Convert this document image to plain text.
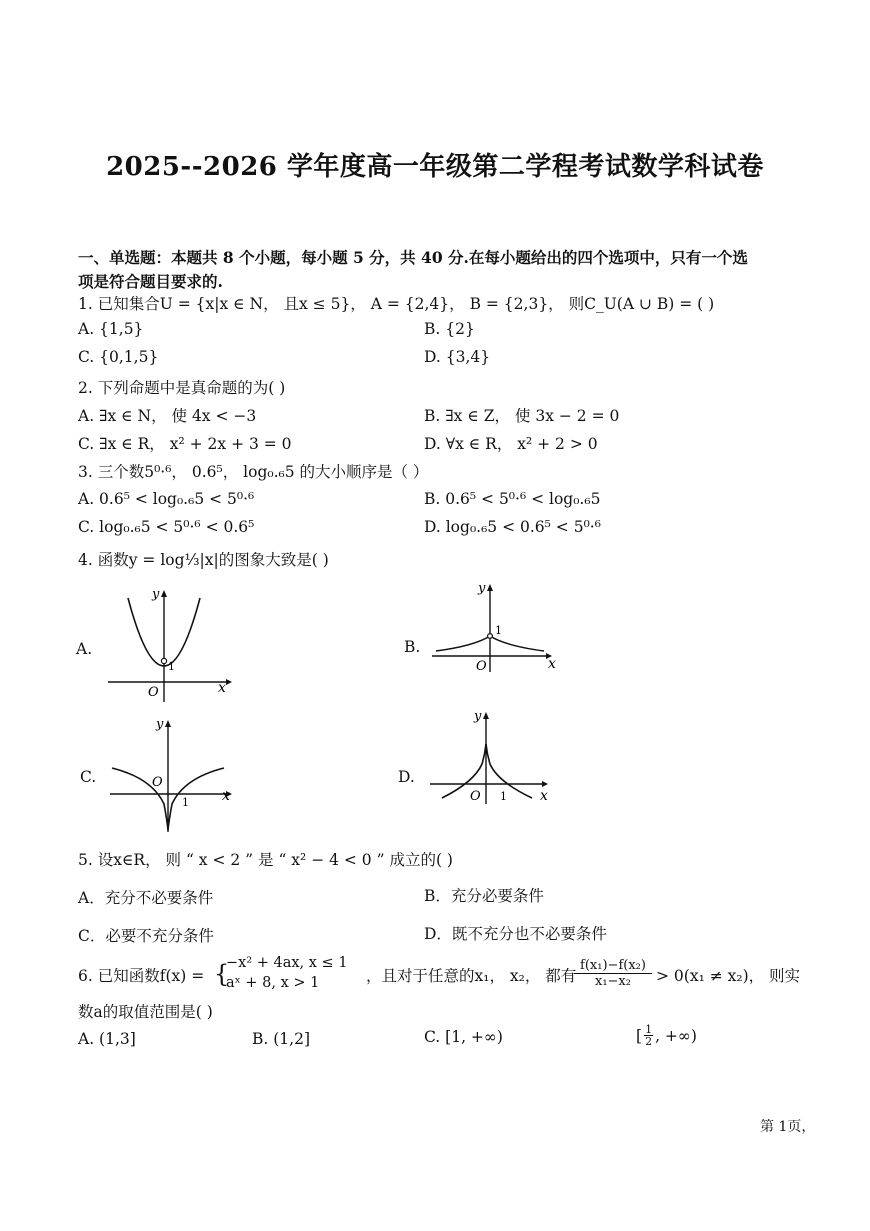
2025--2026 学年度高一年级第二学程考试数学科试卷
一、单选题：本题共 8 个小题，每小题 5 分，共 40 分.在每小题给出的四个选项中，只有一个选
项是符合题目要求的.
1. 已知集合U = {x|x ∈ N， 且x ≤ 5}， A = {2,4}， B = {2,3}， 则C_U(A ∪ B) = ( )
A. {1,5}	B. {2}
C. {0,1,5}	D. {3,4}
2. 下列命题中是真命题的为( )
A. ∃x ∈ N， 使 4x < −3	B. ∃x ∈ Z， 使 3x − 2 = 0
C. ∃x ∈ R， x² + 2x + 3 = 0	D. ∀x ∈ R， x² + 2 > 0
3. 三个数5⁰·⁶， 0.6⁵， log₀.₆5 的大小顺序是（ ）
A. 0.6⁵ < log₀.₆5 < 5⁰·⁶	B. 0.6⁵ < 5⁰·⁶ < log₀.₆5
C. log₀.₆5 < 5⁰·⁶ < 0.6⁵	D. log₀.₆5 < 0.6⁵ < 5⁰·⁶
4. 函数y = log⅓|x|的图象大致是( )
A.	B.
C.	D.
y
x
O
1
y
x
O
1
y
x
O
1
y
x
O 1
5. 设x∈R， 则 “ x < 2 ” 是 “ x² − 4 < 0 ” 成立的( )
A．充分不必要条件	B．充分必要条件
C．必要不充分条件	D．既不充分也不必要条件
6. 已知函数f(x) = {
−x² + 4ax, x ≤ 1
aˣ + 8, x > 1	，且对于任意的x₁， x₂， 都有
$\frac{\text{f(x₁)−f(x₂)}}{\text{x₁−x₂}} > 0(x_1 \ne x_2)$， 则实
数a的取值范围是( )
A. (1,3]	B. (1,2]	C. [1, +∞)	[ $\frac{1}{2}$ , +∞)
第 1页，
